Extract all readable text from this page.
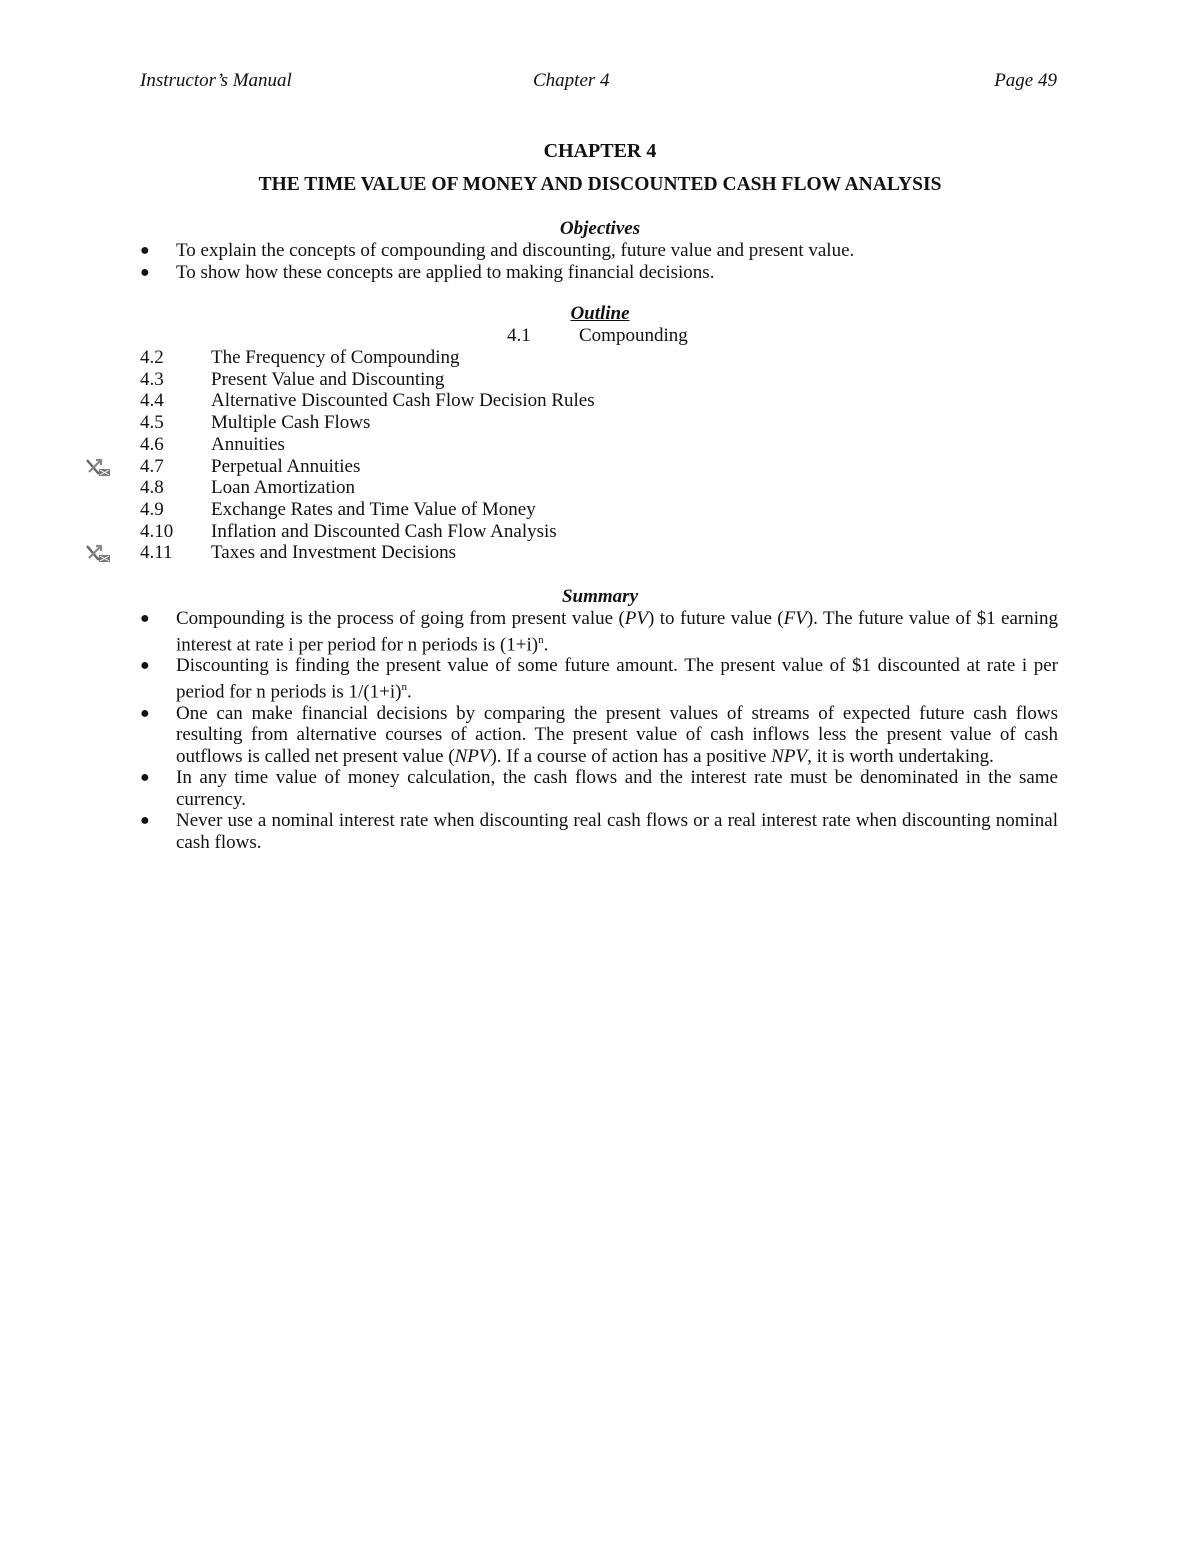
Instructor’s Manual	Chapter 4	Page 49
CHAPTER 4
THE TIME VALUE OF MONEY AND DISCOUNTED CASH FLOW ANALYSIS
Objectives
● To explain the concepts of compounding and discounting, future value and present value.
● To show how these concepts are applied to making financial decisions.
Outline
4.1	Compounding
4.2 The Frequency of Compounding
4.3 Present Value and Discounting
4.4 Alternative Discounted Cash Flow Decision Rules
4.5 Multiple Cash Flows
4.6 Annuities
4.7 Perpetual Annuities
4.8 Loan Amortization
4.9 Exchange Rates and Time Value of Money
4.10 Inflation and Discounted Cash Flow Analysis
4.11 Taxes and Investment Decisions
Summary
● Compounding is the process of going from present value (PV) to future value (FV). The future value of $1 earning interest at rate i per period for n periods is $(1+i)^n$.
● Discounting is finding the present value of some future amount. The present value of $1 discounted at rate i per period for n periods is $1/(1+i)^n$.
● One can make financial decisions by comparing the present values of streams of expected future cash flows resulting from alternative courses of action. The present value of cash inflows less the present value of cash outflows is called net present value (NPV). If a course of action has a positive NPV, it is worth undertaking.
● In any time value of money calculation, the cash flows and the interest rate must be denominated in the same currency.
● Never use a nominal interest rate when discounting real cash flows or a real interest rate when discounting nominal cash flows.
